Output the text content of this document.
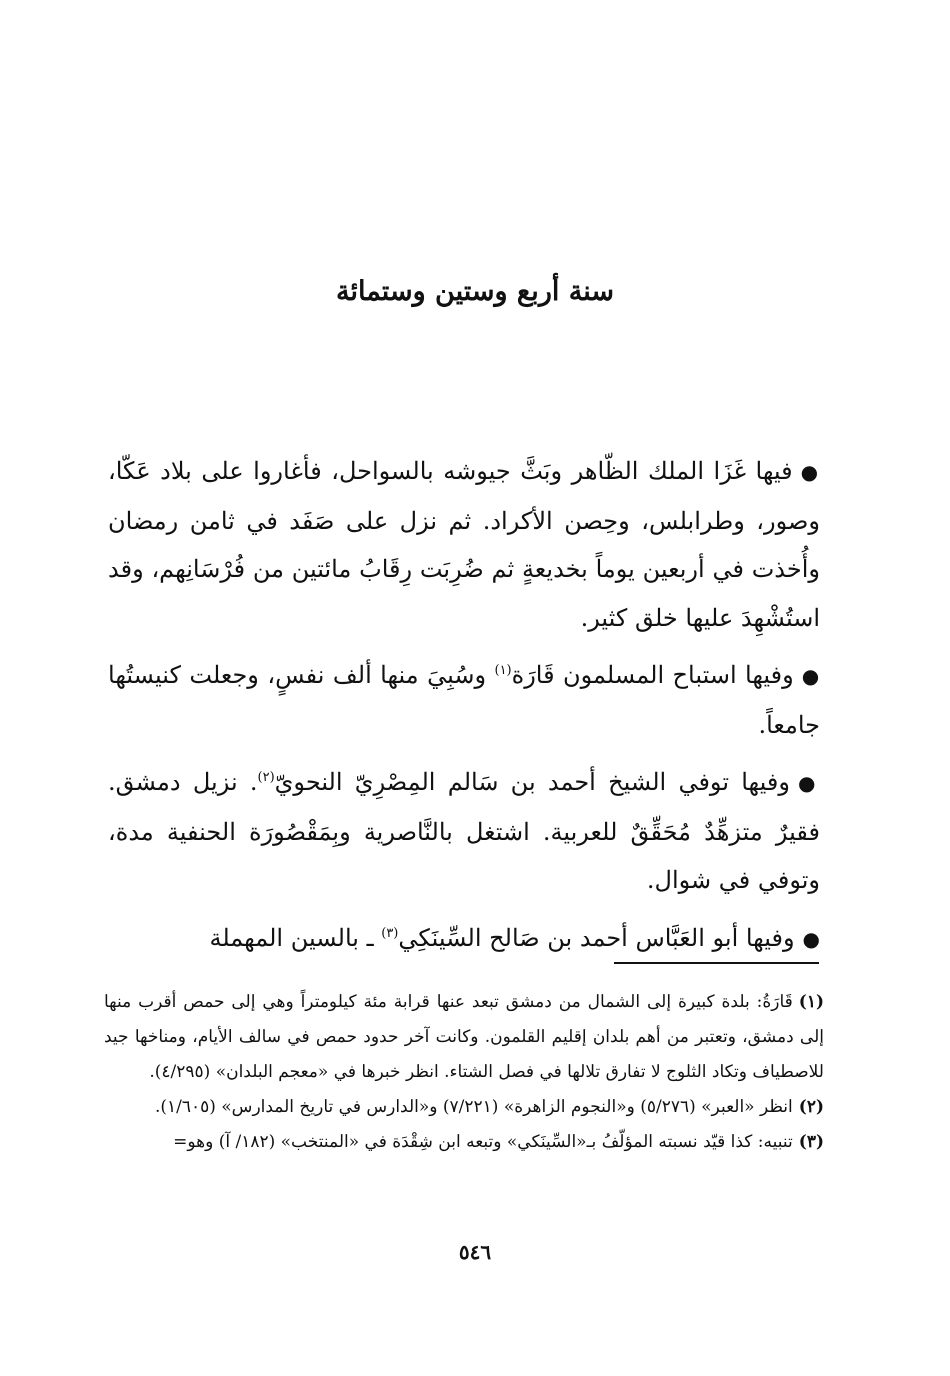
سنة أربع وستين وستمائة

●فيها غَزَا الملك الظّاهر وبَثَّ جيوشه بالسواحل، فأغاروا على بلاد عَكّا، وصور، وطرابلس، وحِصن الأكراد. ثم نزل على صَفَد في ثامن رمضان وأُخذت في أربعين يوماً بخديعةٍ ثم ضُرِبَت رِقَابُ مائتين من فُرْسَانِهم، وقد استُشْهِدَ عليها خلق كثير.

●وفيها استباح المسلمون قَارَة$^{(١)}$ وسُبِيَ منها ألف نفسٍ، وجعلت كنيستُها جامعاً.

●وفيها توفي الشيخ أحمد بن سَالم المِصْرِيّ النحويّ$^{(٢)}$. نزيل دمشق. فقيرٌ متزهِّدٌ مُحَقِّقٌ للعربية. اشتغل بالنَّاصرية وبِمَقْصُورَة الحنفية مدة، وتوفي في شوال.

●وفيها أبو العَبَّاس أحمد بن صَالح السِّينَكِي$^{(٣)}$ ـ بالسين المهملة

(١)قَارَةُ: بلدة كبيرة إلى الشمال من دمشق تبعد عنها قرابة مئة كيلومتراً وهي إلى حمص أقرب منها إلى دمشق، وتعتبر من أهم بلدان إقليم القلمون. وكانت آخر حدود حمص في سالف الأيام، ومناخها جيد للاصطياف وتكاد الثلوج لا تفارق تلالها في فصل الشتاء. انظر خبرها في «معجم البلدان» (٤/٢٩٥).

(٢)انظر «العبر» (٥/٢٧٦) و«النجوم الزاهرة» (٧/٢٢١) و«الدارس في تاريخ المدارس» (١/٦٠٥).

(٣)تنبيه: كذا قيّد نسبته المؤلّفُ بـ«السِّينَكي» وتبعه ابن شِقْدَة في «المنتخب» (١٨٢/ آ) وهو=

٥٤٦
